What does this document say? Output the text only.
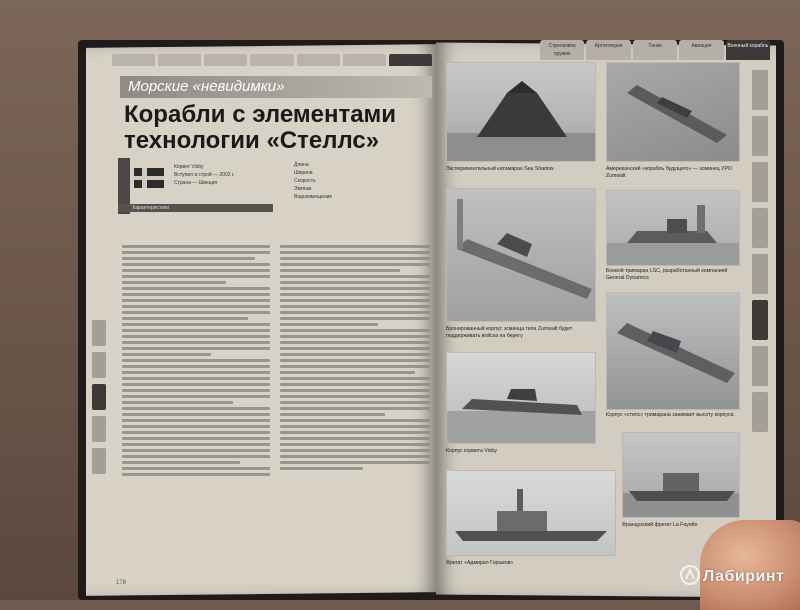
Морские «невидимки»
Корабли с элементами
технологии «Стеллс»
Корвет Visby
Вступил в строй — 2002 г.
Страна — Швеция
Длина
Ширина
Скорость
Экипаж
Водоизмещение
Характеристики
178
Стрелковое оружие
Артиллерия	Танки	Авиация	Военный корабль
Экспериментальный катамаран Sea Shadow	Американский «корабль будущего» — эсминец УРО Zumwalt
Бронированный корпус эсминца типа Zumwalt будет поддерживать войска на берегу
Боевой тримаран LSC, разработанный компанией General Dynamics
Корпус корвета Visby
Корпус «стелс» тримарана занимает высоту корпуса
Фрегат «Адмирал Горшков»
Французский фрегат La Fayette
Лабиринт
